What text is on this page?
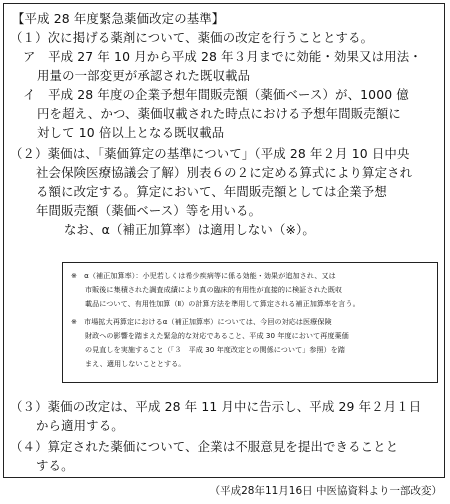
【平成 28 年度緊急薬価改定の基準】
（１）次に掲げる薬剤について、薬価の改定を行うこととする。
ア　平成 27 年 10 月から平成 28 年３月までに効能・効果又は用法・
用量の一部変更が承認された既収載品
イ　平成 28 年度の企業予想年間販売額（薬価ベース）が、1000 億
円を超え、かつ、薬価収載された時点における予想年間販売額に
対して 10 倍以上となる既収載品
（２）薬価は、「薬価算定の基準について」（平成 28 年２月 10 日中央
社会保険医療協議会了解）別表６の２に定める算式により算定され
る額に改定する。算定において、年間販売額としては企業予想
年間販売額（薬価ベース）等を用いる。
なお、α（補正加算率）は適用しない（※）。
（３）薬価の改定は、平成 28 年 11 月中に告示し、平成 29 年２月１日
から適用する。
（４）算定された薬価について、企業は不服意見を提出できることと
する。
※　α（補正加算率）：小児若しくは希少疾病等に係る効能・効果が追加され、又は
市販後に集積された調査成績により真の臨床的有用性が直接的に検証された既収
載品について、有用性加算（Ⅱ）の計算方法を準用して算定される補正加算率を言う。
※　市場拡大再算定におけるα（補正加算率）については、今回の対応は医療保険
財政への影響を踏まえた緊急的な対応であること、平成 30 年度において再度薬価
の見直しを実施すること（「３　平成 30 年度改定との関係について」参照）を踏
まえ、適用しないこととする。
（平成28年11月16日 中医協資料より一部改変）
